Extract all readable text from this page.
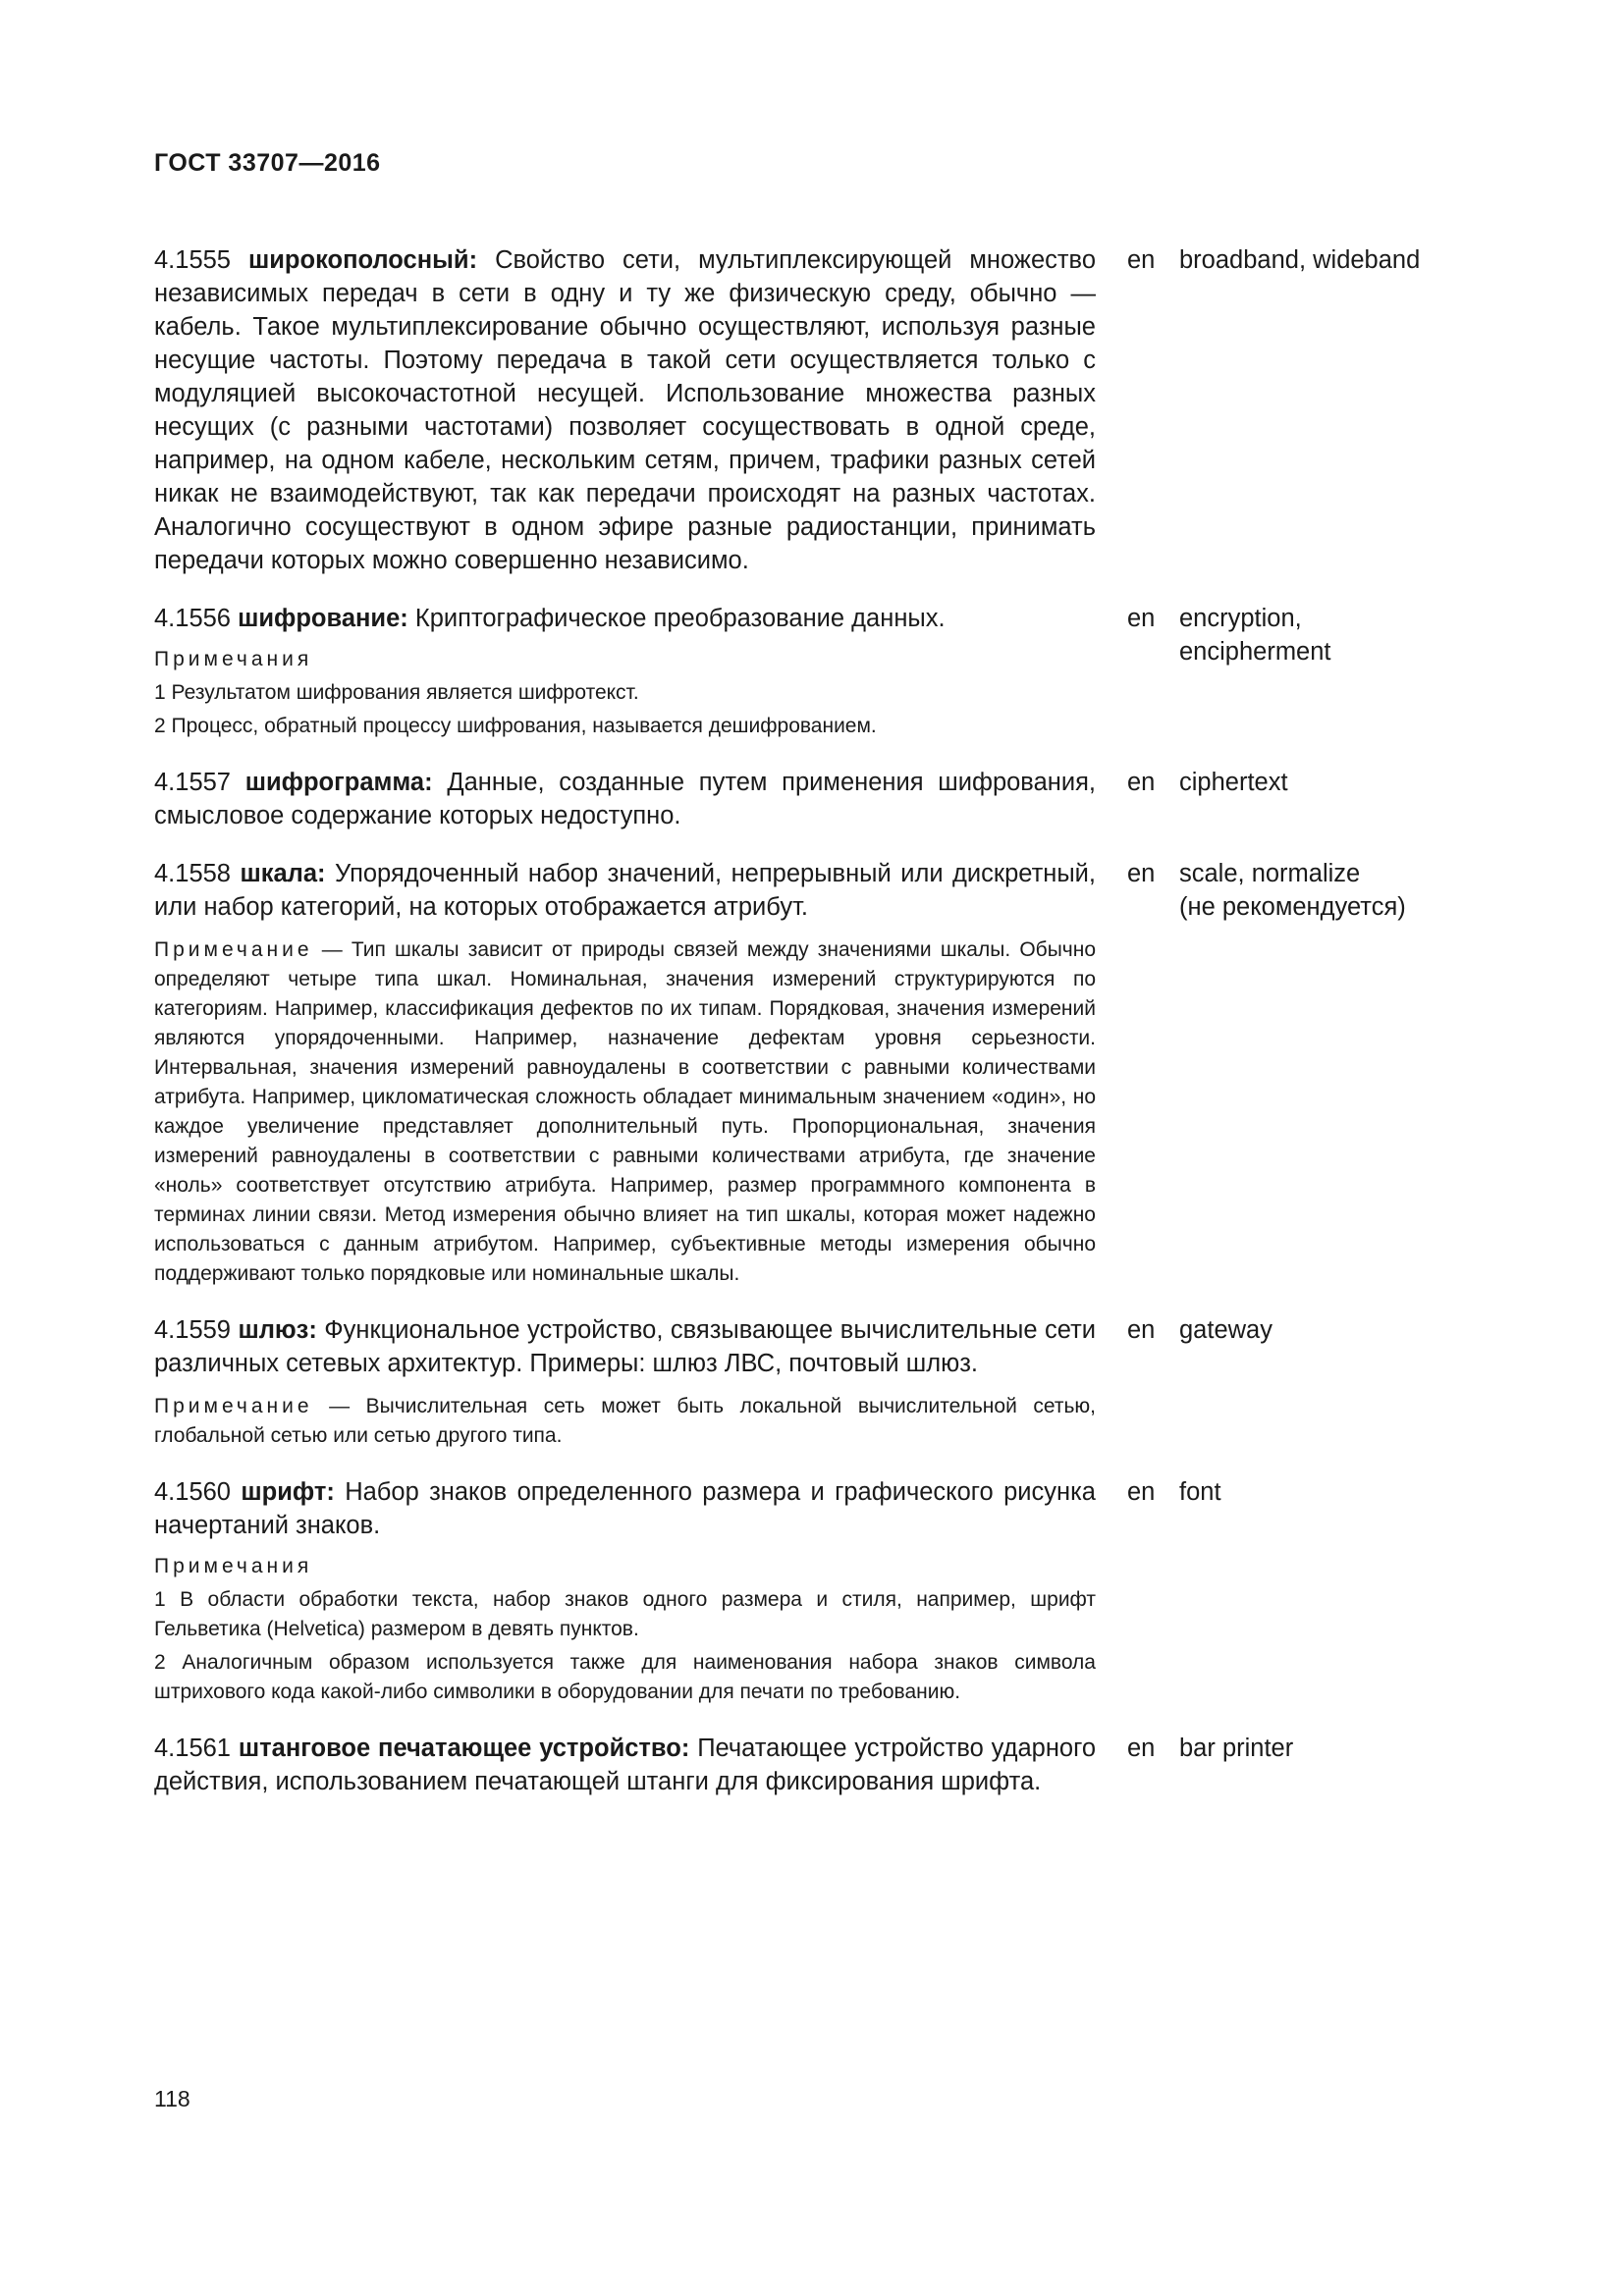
ГОСТ 33707—2016

4.1555 широкополосный: Свойство сети, мультиплексирующей множество независимых передач в сети в одну и ту же физическую среду, обычно — кабель. Такое мультиплексирование обычно осуществляют, используя разные несущие частоты. Поэтому передача в такой сети осуществляется только с модуляцией высокочастотной несущей. Использование множества разных несущих (с разными частотами) позволяет сосуществовать в одной среде, например, на одном кабеле, нескольким сетям, причем, трафики разных сетей никак не взаимодействуют, так как передачи происходят на разных частотах. Аналогично сосуществуют в одном эфире разные радиостанции, принимать передачи которых можно совершенно независимо.

en broadband, wideband

4.1556 шифрование: Криптографическое преобразование данных.

Примечания

1 Результатом шифрования является шифротекст.

2 Процесс, обратный процессу шифрования, называется дешифрованием.

en encryption,
encipherment

4.1557 шифрограмма: Данные, созданные путем применения шифрования, смысловое содержание которых недоступно.

en ciphertext

4.1558 шкала: Упорядоченный набор значений, непрерывный или дискретный, или набор категорий, на которых отображается атрибут.

Примечание — Тип шкалы зависит от природы связей между значениями шкалы. Обычно определяют четыре типа шкал. Номинальная, значения измерений структурируются по категориям. Например, классификация дефектов по их типам. Порядковая, значения измерений являются упорядоченными. Например, назначение дефектам уровня серьезности. Интервальная, значения измерений равноудалены в соответствии с равными количествами атрибута. Например, цикломатическая сложность обладает минимальным значением «один», но каждое увеличение представляет дополнительный путь. Пропорциональная, значения измерений равноудалены в соответствии с равными количествами атрибута, где значение «ноль» соответствует отсутствию атрибута. Например, размер программного компонента в терминах линии связи. Метод измерения обычно влияет на тип шкалы, которая может надежно использоваться с данным атрибутом. Например, субъективные методы измерения обычно поддерживают только порядковые или номинальные шкалы.

en scale, normalize
(не рекомендуется)

4.1559 шлюз: Функциональное устройство, связывающее вычислительные сети различных сетевых архитектур. Примеры: шлюз ЛВС, почтовый шлюз.

Примечание — Вычислительная сеть может быть локальной вычислительной сетью, глобальной сетью или сетью другого типа.

en gateway

4.1560 шрифт: Набор знаков определенного размера и графического рисунка начертаний знаков.

Примечания

1 В области обработки текста, набор знаков одного размера и стиля, например, шрифт Гельветика (Helvetica) размером в девять пунктов.

2 Аналогичным образом используется также для наименования набора знаков символа штрихового кода какой-либо символики в оборудовании для печати по требованию.

en font

4.1561 штанговое печатающее устройство: Печатающее устройство ударного действия, использованием печатающей штанги для фиксирования шрифта.

en bar printer
118
